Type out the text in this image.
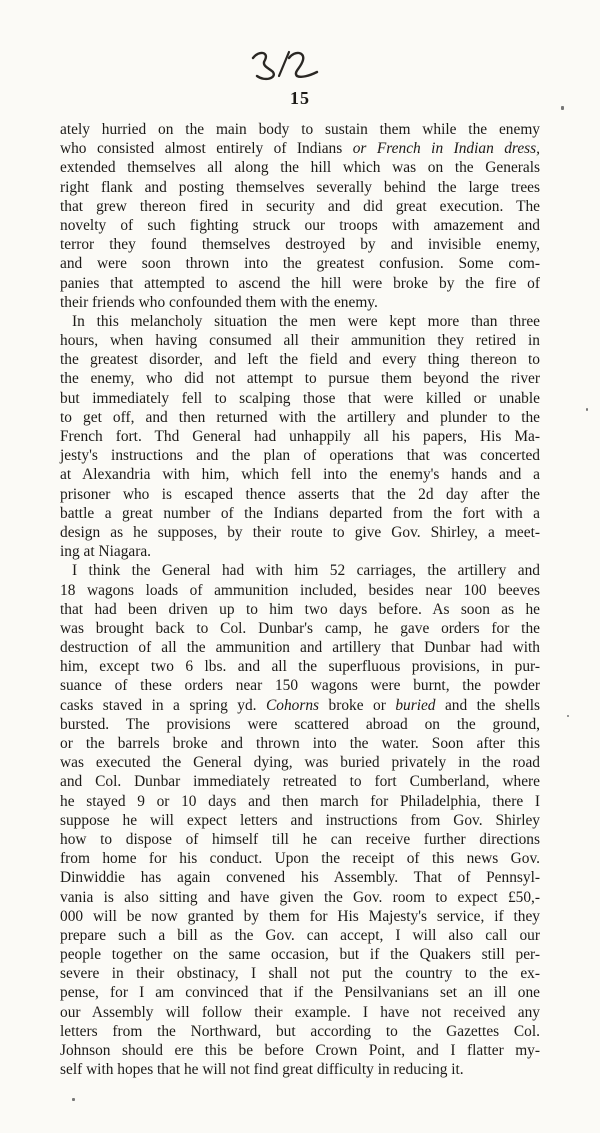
15
ately hurried on the main body to sustain them while the enemy
who consisted almost entirely of Indians or French in Indian dress,
extended themselves all along the hill which was on the Generals
right flank and posting themselves severally behind the large trees
that grew thereon fired in security and did great execution. The
novelty of such fighting struck our troops with amazement and
terror they found themselves destroyed by and invisible enemy,
and were soon thrown into the greatest confusion. Some com-
panies that attempted to ascend the hill were broke by the fire of
their friends who confounded them with the enemy.
In this melancholy situation the men were kept more than three
hours, when having consumed all their ammunition they retired in
the greatest disorder, and left the field and every thing thereon to
the enemy, who did not attempt to pursue them beyond the river
but immediately fell to scalping those that were killed or unable
to get off, and then returned with the artillery and plunder to the
French fort. Thd General had unhappily all his papers, His Ma-
jesty's instructions and the plan of operations that was concerted
at Alexandria with him, which fell into the enemy's hands and a
prisoner who is escaped thence asserts that the 2d day after the
battle a great number of the Indians departed from the fort with a
design as he supposes, by their route to give Gov. Shirley, a meet-
ing at Niagara.
I think the General had with him 52 carriages, the artillery and
18 wagons loads of ammunition included, besides near 100 beeves
that had been driven up to him two days before. As soon as he
was brought back to Col. Dunbar's camp, he gave orders for the
destruction of all the ammunition and artillery that Dunbar had with
him, except two 6 lbs. and all the superfluous provisions, in pur-
suance of these orders near 150 wagons were burnt, the powder
casks staved in a spring yd. Cohorns broke or buried and the shells
bursted. The provisions were scattered abroad on the ground,
or the barrels broke and thrown into the water. Soon after this
was executed the General dying, was buried privately in the road
and Col. Dunbar immediately retreated to fort Cumberland, where
he stayed 9 or 10 days and then march for Philadelphia, there I
suppose he will expect letters and instructions from Gov. Shirley
how to dispose of himself till he can receive further directions
from home for his conduct. Upon the receipt of this news Gov.
Dinwiddie has again convened his Assembly. That of Pennsyl-
vania is also sitting and have given the Gov. room to expect £50,-
000 will be now granted by them for His Majesty's service, if they
prepare such a bill as the Gov. can accept, I will also call our
people together on the same occasion, but if the Quakers still per-
severe in their obstinacy, I shall not put the country to the ex-
pense, for I am convinced that if the Pensilvanians set an ill one
our Assembly will follow their example. I have not received any
letters from the Northward, but according to the Gazettes Col.
Johnson should ere this be before Crown Point, and I flatter my-
self with hopes that he will not find great difficulty in reducing it.
